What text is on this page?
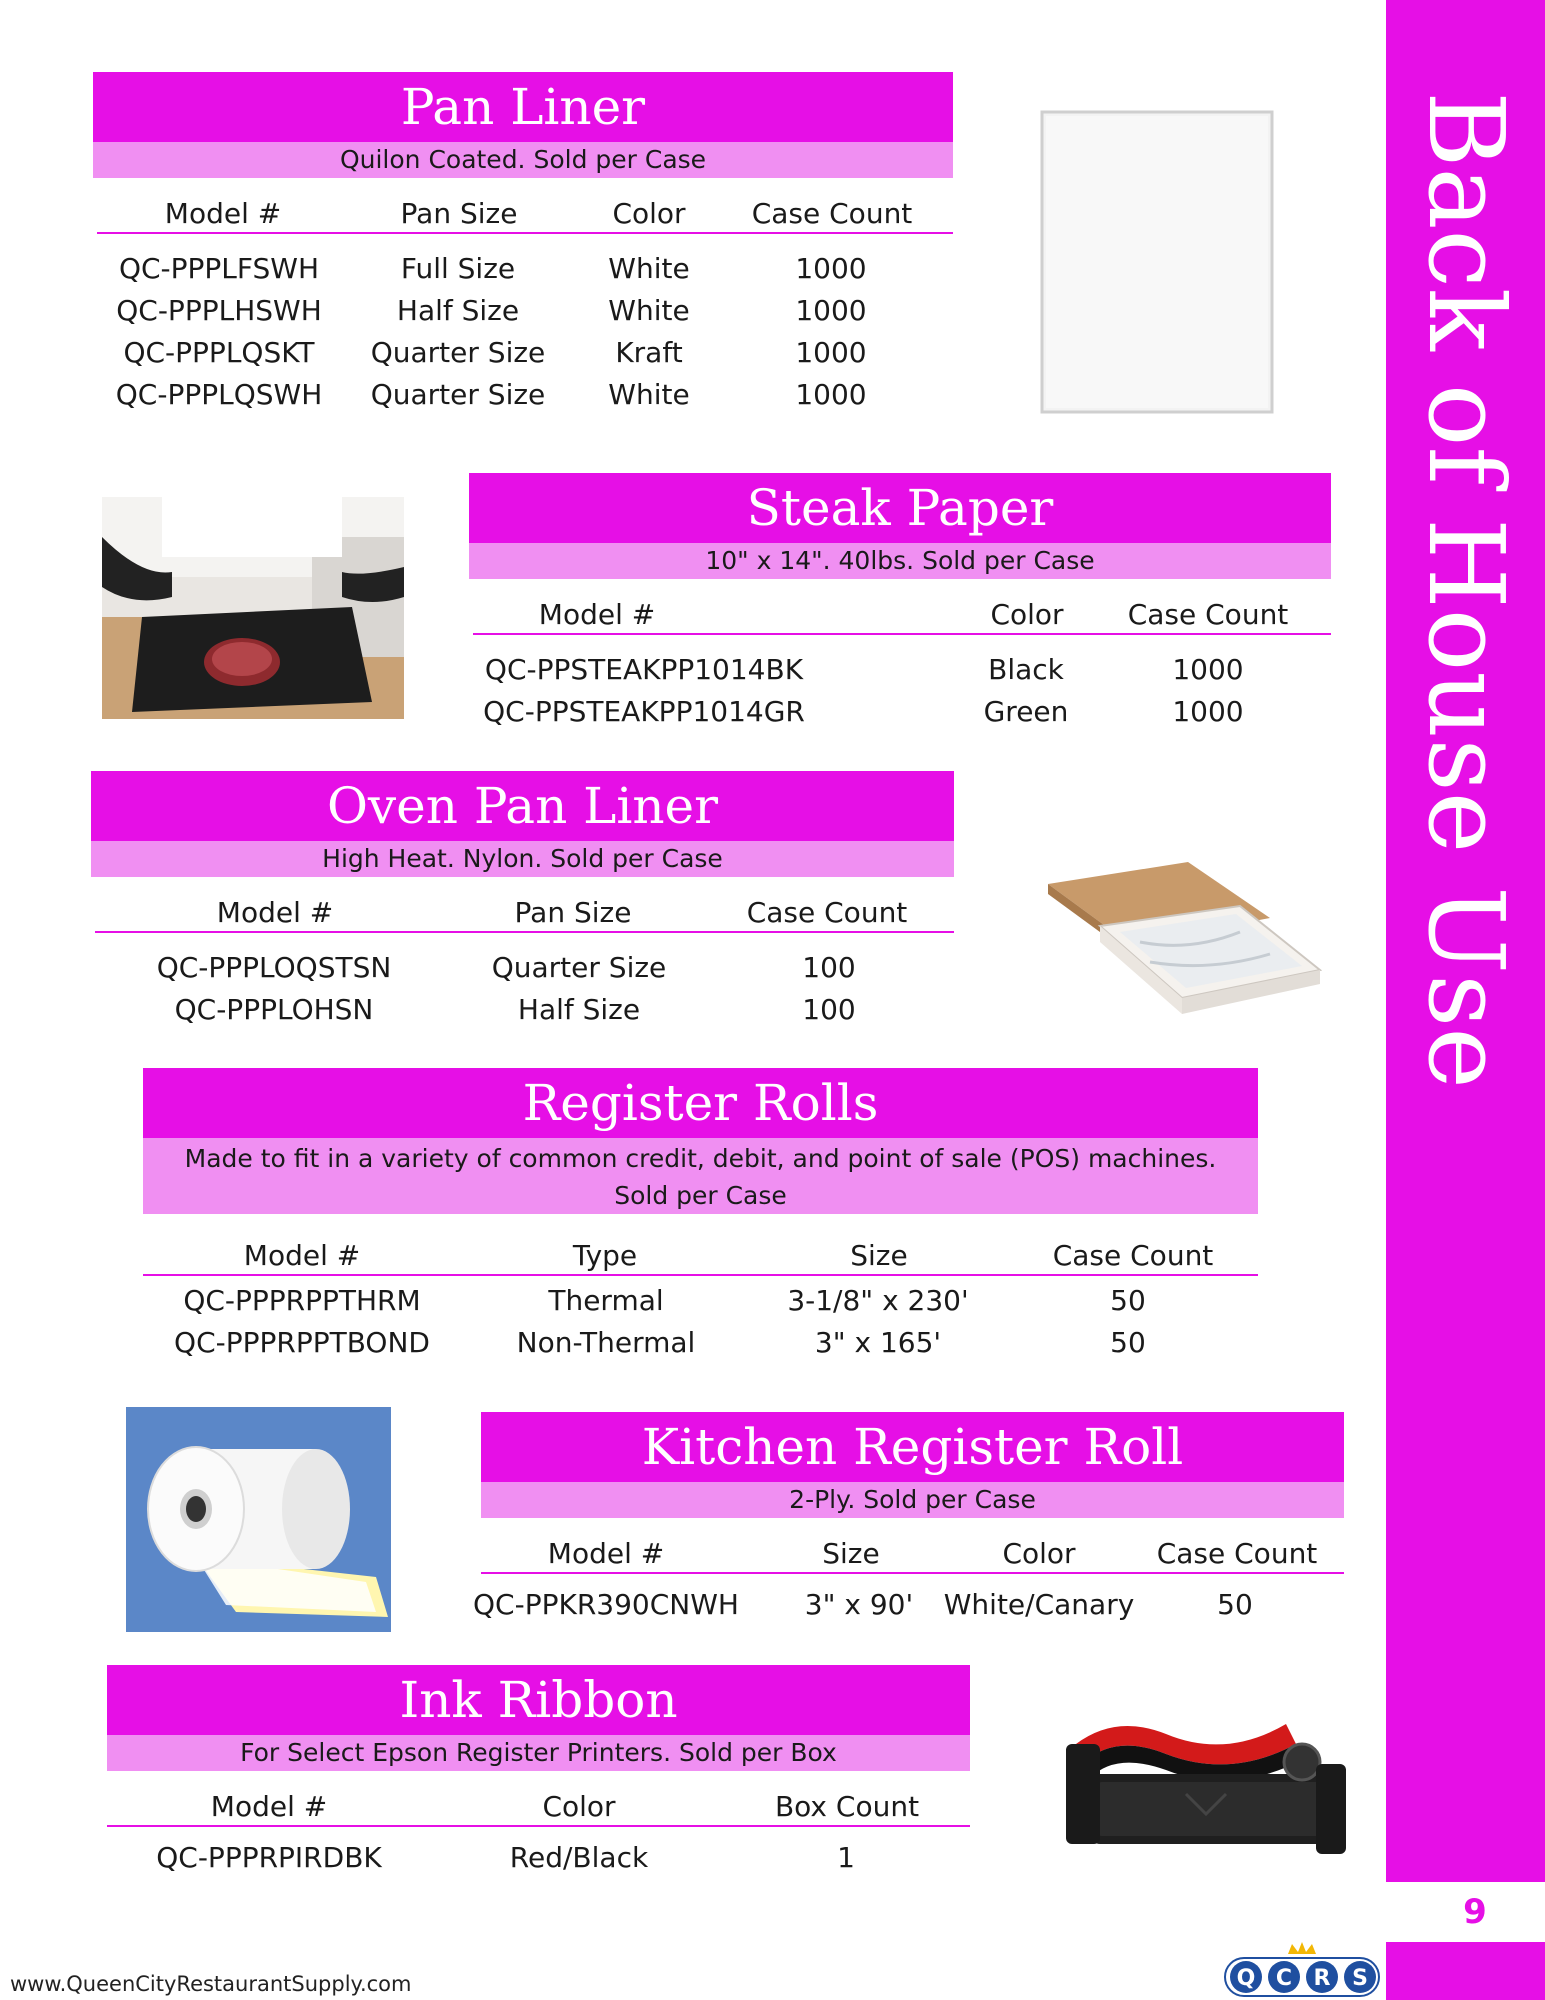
Back of House Use
9
Q C R S
www.QueenCityRestaurantSupply.com
Pan Liner
Quilon Coated. Sold per Case
Model #	Pan Size	Color Case Count
QC-PPPLFSWH	Full Size	White	1000
QC-PPPLHSWH	Half Size	White	1000
QC-PPPLQSKT Quarter Size	Kraft	1000
QC-PPPLQSWH Quarter Size White	1000
Steak Paper
10" x 14". 40lbs. Sold per Case
Model #	Color Case Count
QC-PPSTEAKPP1014BK	Black	1000
QC-PPSTEAKPP1014GR	Green	1000
Oven Pan Liner
High Heat. Nylon. Sold per Case
Model #	Pan Size	Case Count
QC-PPPLOQSTSN	Quarter Size	100
QC-PPPLOHSN	Half Size	100
Register Rolls
Made to fit in a variety of common credit, debit, and point of sale (POS) machines.
Sold per Case
Model #	Type	Size	Case Count
QC-PPPRPPTHRM	Thermal	3-1/8" x 230'	50
QC-PPPRPPTBOND	Non-Thermal	3" x 165'	50
Kitchen Register Roll
2-Ply. Sold per Case
Model #	Size	Color	Case Count
QC-PPKR390CNWH 3" x 90' White/Canary	50
Ink Ribbon
For Select Epson Register Printers. Sold per Box
Model #	Color	Box Count
QC-PPPRPIRDBK	Red/Black	1
